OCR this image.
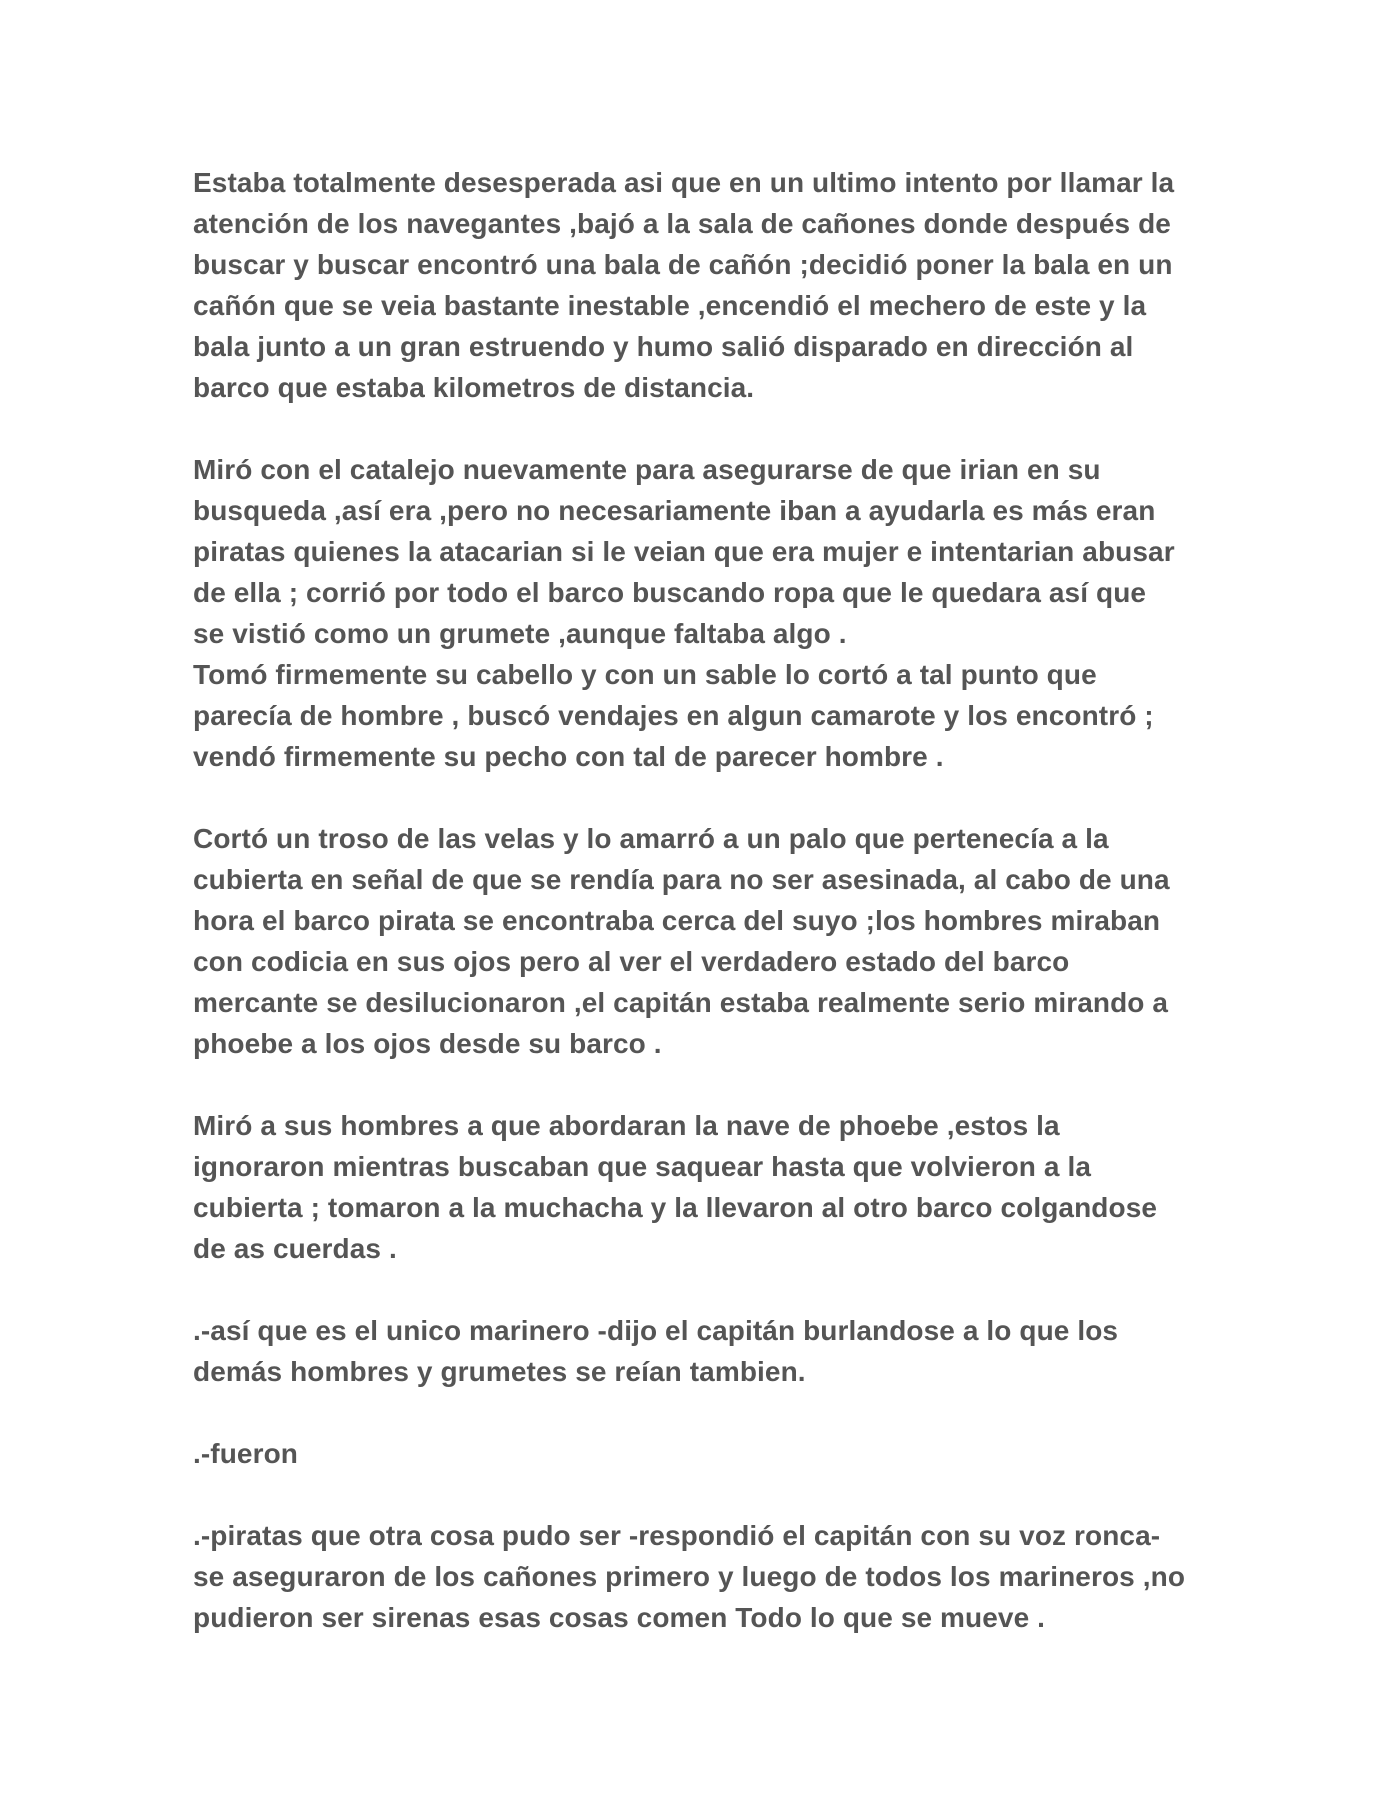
Estaba totalmente desesperada asi que en un ultimo intento por llamar la
atención de los navegantes ,bajó a la sala de cañones donde después de
buscar y buscar encontró una bala de cañón ;decidió poner la bala en un
cañón que se veia bastante inestable ,encendió el mechero de este y la
bala junto a un gran estruendo y humo salió disparado en dirección al
barco que estaba kilometros de distancia.

Miró con el catalejo nuevamente para asegurarse de que irian en su
busqueda ,así era ,pero no necesariamente iban a ayudarla es más eran
piratas quienes la atacarian si le veian que era mujer e intentarian abusar
de ella ; corrió por todo el barco buscando ropa que le quedara así que
se vistió como un grumete ,aunque faltaba algo .

Tomó firmemente su cabello y con un sable lo cortó a tal punto que
parecía de hombre , buscó vendajes en algun camarote y los encontró ;
vendó firmemente su pecho con tal de parecer hombre .

Cortó un troso de las velas y lo amarró a un palo que pertenecía a la
cubierta en señal de que se rendía para no ser asesinada, al cabo de una
hora el barco pirata se encontraba cerca del suyo ;los hombres miraban
con codicia en sus ojos pero al ver el verdadero estado del barco
mercante se desilucionaron ,el capitán estaba realmente serio mirando a
phoebe a los ojos desde su barco .

Miró a sus hombres a que abordaran la nave de phoebe ,estos la
ignoraron mientras buscaban que saquear hasta que volvieron a la
cubierta ; tomaron a la muchacha y la llevaron al otro barco colgandose
de as cuerdas .

.-así que es el unico marinero -dijo el capitán burlandose a lo que los
demás hombres y grumetes se reían tambien.

.-fueron

.-piratas que otra cosa pudo ser -respondió el capitán con su voz ronca-
se aseguraron de los cañones primero y luego de todos los marineros ,no
pudieron ser sirenas esas cosas comen Todo lo que se mueve .
